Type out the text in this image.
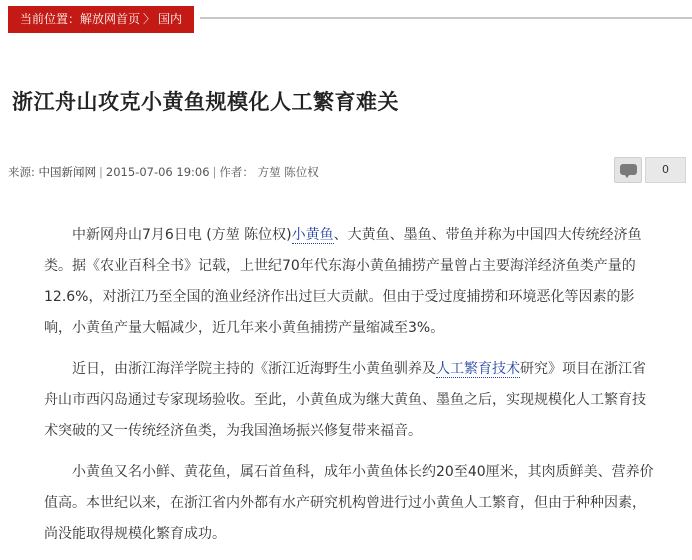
当前位置：解放网首页 〉 国内
浙江舟山攻克小黄鱼规模化人工繁育难关
来源: 中国新闻网 | 2015-07-06 19:06 | 作者： 方堃 陈位权	0

中新网舟山7月6日电 (方堃 陈位权)小黄鱼、大黄鱼、墨鱼、带鱼并称为中国四大传统经济鱼类。据《农业百科全书》记载，上世纪70年代东海小黄鱼捕捞产量曾占主要海洋经济鱼类产量的12.6%，对浙江乃至全国的渔业经济作出过巨大贡献。但由于受过度捕捞和环境恶化等因素的影响，小黄鱼产量大幅减少，近几年来小黄鱼捕捞产量缩减至3%。

近日，由浙江海洋学院主持的《浙江近海野生小黄鱼驯养及人工繁育技术研究》项目在浙江省舟山市西闪岛通过专家现场验收。至此，小黄鱼成为继大黄鱼、墨鱼之后，实现规模化人工繁育技术突破的又一传统经济鱼类，为我国渔场振兴修复带来福音。

小黄鱼又名小鲜、黄花鱼，属石首鱼科，成年小黄鱼体长约20至40厘米，其肉质鲜美、营养价值高。本世纪以来，在浙江省内外都有水产研究机构曾进行过小黄鱼人工繁育，但由于种种因素，尚没能取得规模化繁育成功。
